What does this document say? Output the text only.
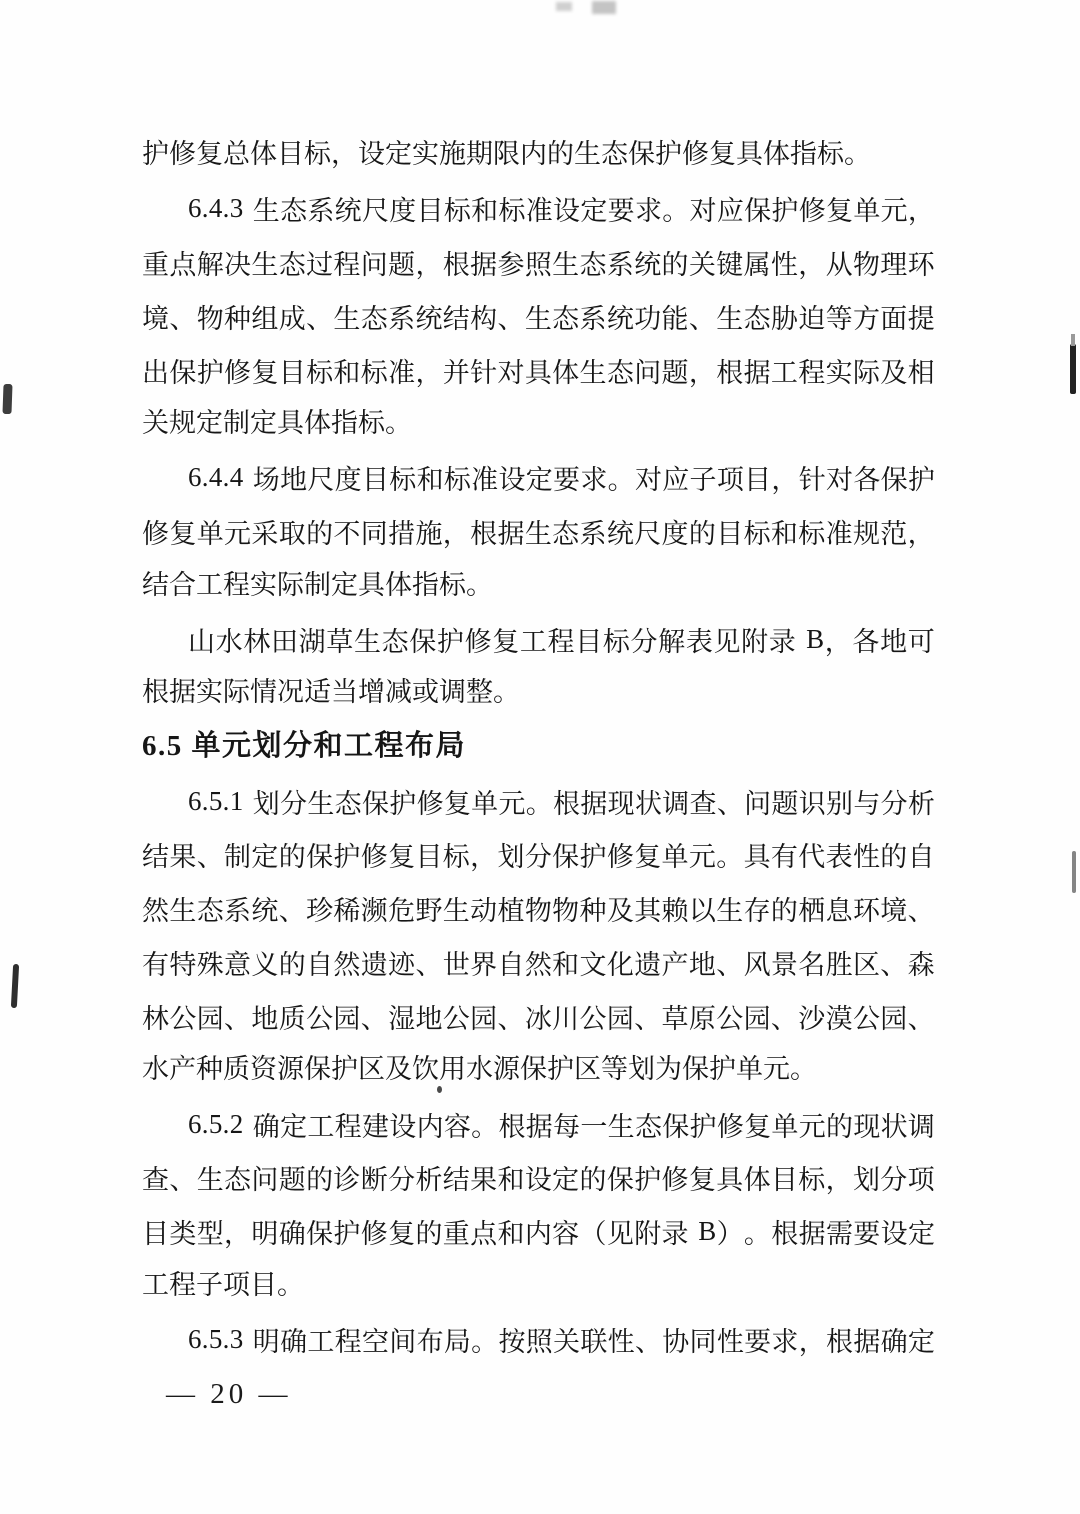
护修复总体目标，设定实施期限内的生态保护修复具体指标。
6 . 4 . 3
生 态 系 统 尺 度 目 标 和 标 准 设 定 要 求 。 对 应 保 护 修 复 单 元 ，
重 点 解 决 生 态 过 程 问 题 ， 根 据 参 照 生 态 系 统 的 关 键 属 性 ， 从 物 理 环
境 、 物 种 组 成 、 生 态 系 统 结 构 、 生 态 系 统 功 能 、 生 态 胁 迫 等 方 面 提
出 保 护 修 复 目 标 和 标 准 ， 并 针 对 具 体 生 态 问 题 ， 根 据 工 程 实 际 及 相
关规定制定具体指标。
6 . 4 . 4
场 地 尺 度 目 标 和 标 准 设 定 要 求 。 对 应 子 项 目 ， 针 对 各 保 护
修 复 单 元 采 取 的 不 同 措 施 ， 根 据 生 态 系 统 尺 度 的 目 标 和 标 准 规 范 ，
结合工程实际制定具体指标。
山 水 林 田 湖 草 生 态 保 护 修 复 工 程 目 标 分 解 表 见 附 录
B ， 各 地 可
根据实际情况适当增减或调整。
6.5 单元划分和工程布局
6 . 5 . 1
划 分 生 态 保 护 修 复 单 元 。 根 据 现 状 调 查 、 问 题 识 别 与 分 析
结 果 、 制 定 的 保 护 修 复 目 标 ， 划 分 保 护 修 复 单 元 。 具 有 代 表 性 的 自
然 生 态 系 统 、 珍 稀 濒 危 野 生 动 植 物 物 种 及 其 赖 以 生 存 的 栖 息 环 境 、
有 特 殊 意 义 的 自 然 遗 迹 、 世 界 自 然 和 文 化 遗 产 地 、 风 景 名 胜 区 、 森
林 公 园 、 地 质 公 园 、 湿 地 公 园 、 冰 川 公 园 、 草 原 公 园 、 沙 漠 公 园 、
水产种质资源保护区及饮用水源保护区等划为保护单元。
6 . 5 . 2
确 定 工 程 建 设 内 容 。 根 据 每 一 生 态 保 护 修 复 单 元 的 现 状 调
查 、 生 态 问 题 的 诊 断 分 析 结 果 和 设 定 的 保 护 修 复 具 体 目 标 ， 划 分 项
目 类 型 ， 明 确 保 护 修 复 的 重 点 和 内 容 （ 见 附 录
B ） 。 根 据 需 要 设 定
工程子项目。
6 . 5 . 3
明 确 工 程 空 间 布 局 。 按 照 关 联 性 、 协 同 性 要 求 ， 根 据 确 定
— 20 —
